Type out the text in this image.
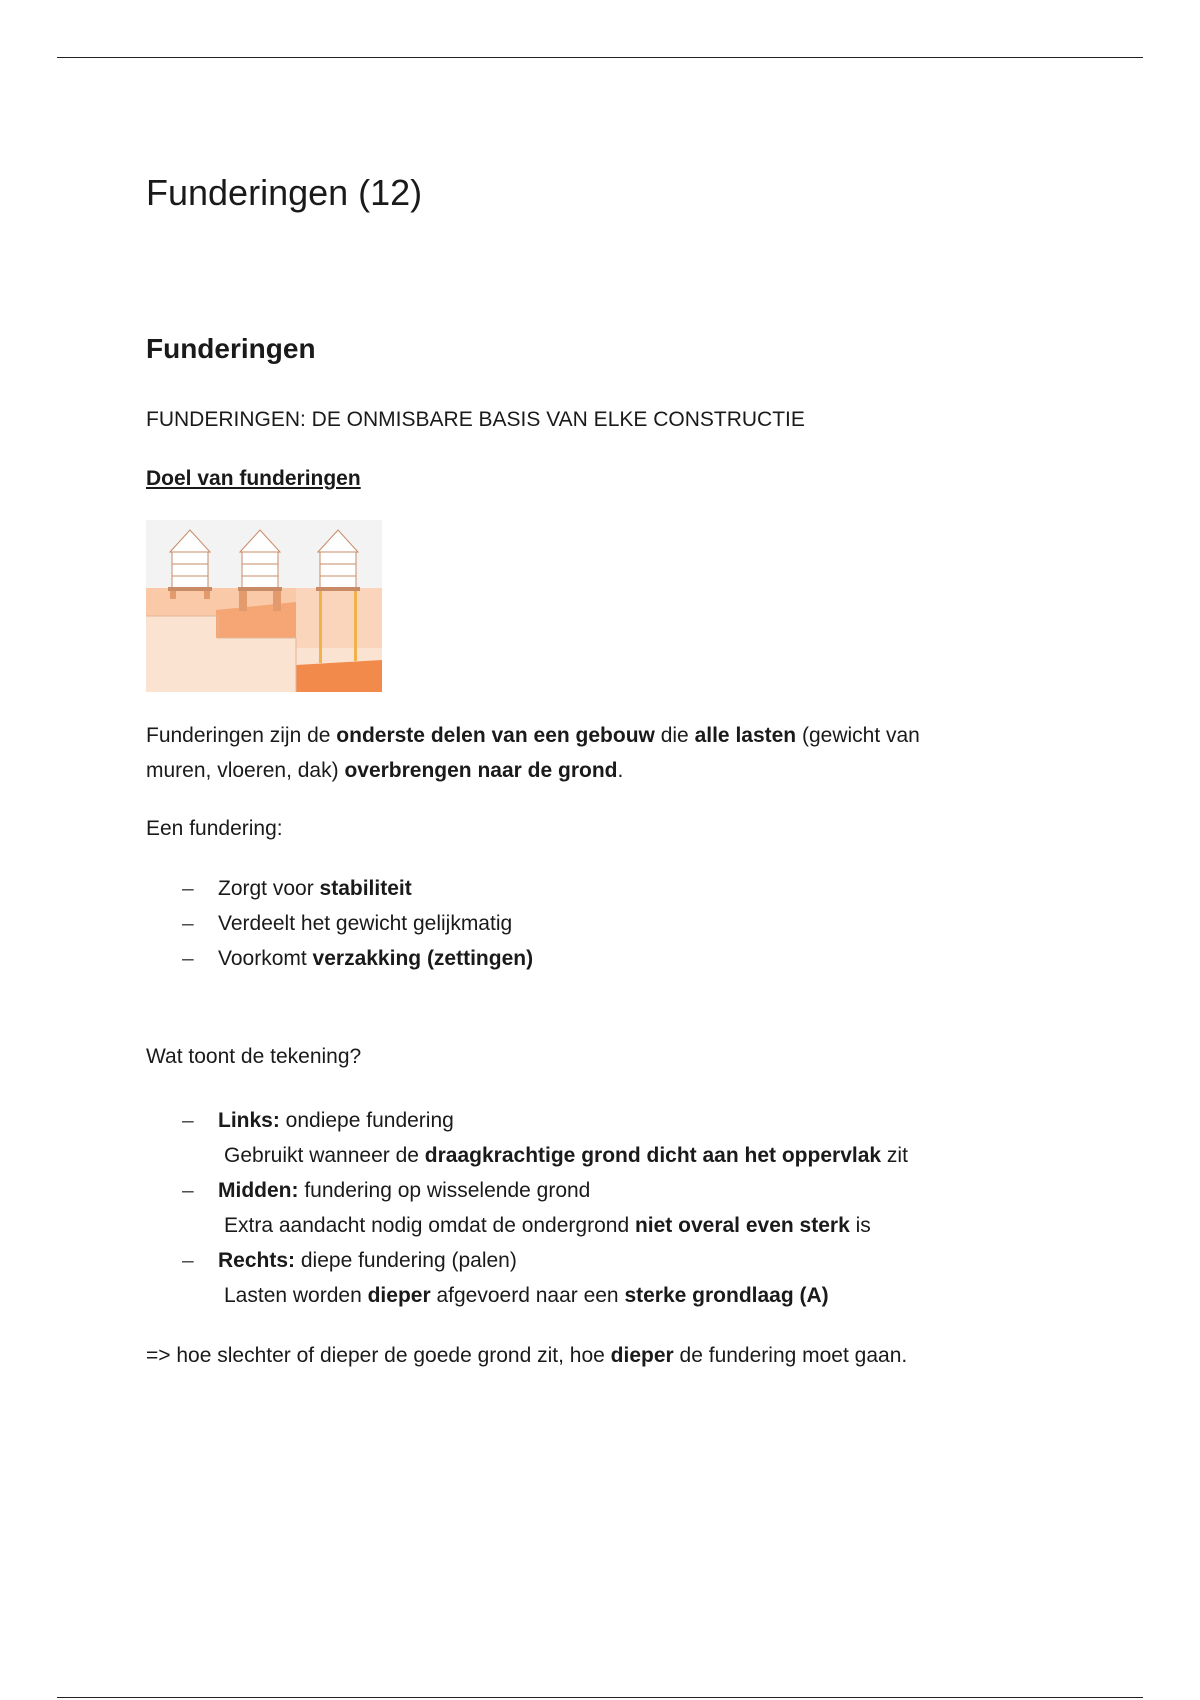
Funderingen (12)
Funderingen

FUNDERINGEN: DE ONMISBARE BASIS VAN ELKE CONSTRUCTIE

Doel van funderingen

Funderingen zijn de onderste delen van een gebouw die alle lasten (gewicht van

muren, vloeren, dak) overbrengen naar de grond.

Een fundering:

– Zorgt voor stabiliteit
– Verdeelt het gewicht gelijkmatig
– Voorkomt verzakking (zettingen)

Wat toont de tekening?

– Links: ondiepe fundering
Gebruikt wanneer de draagkrachtige grond dicht aan het oppervlak zit
– Midden: fundering op wisselende grond
Extra aandacht nodig omdat de ondergrond niet overal even sterk is
– Rechts: diepe fundering (palen)
Lasten worden dieper afgevoerd naar een sterke grondlaag (A)

=> hoe slechter of dieper de goede grond zit, hoe dieper de fundering moet gaan.
